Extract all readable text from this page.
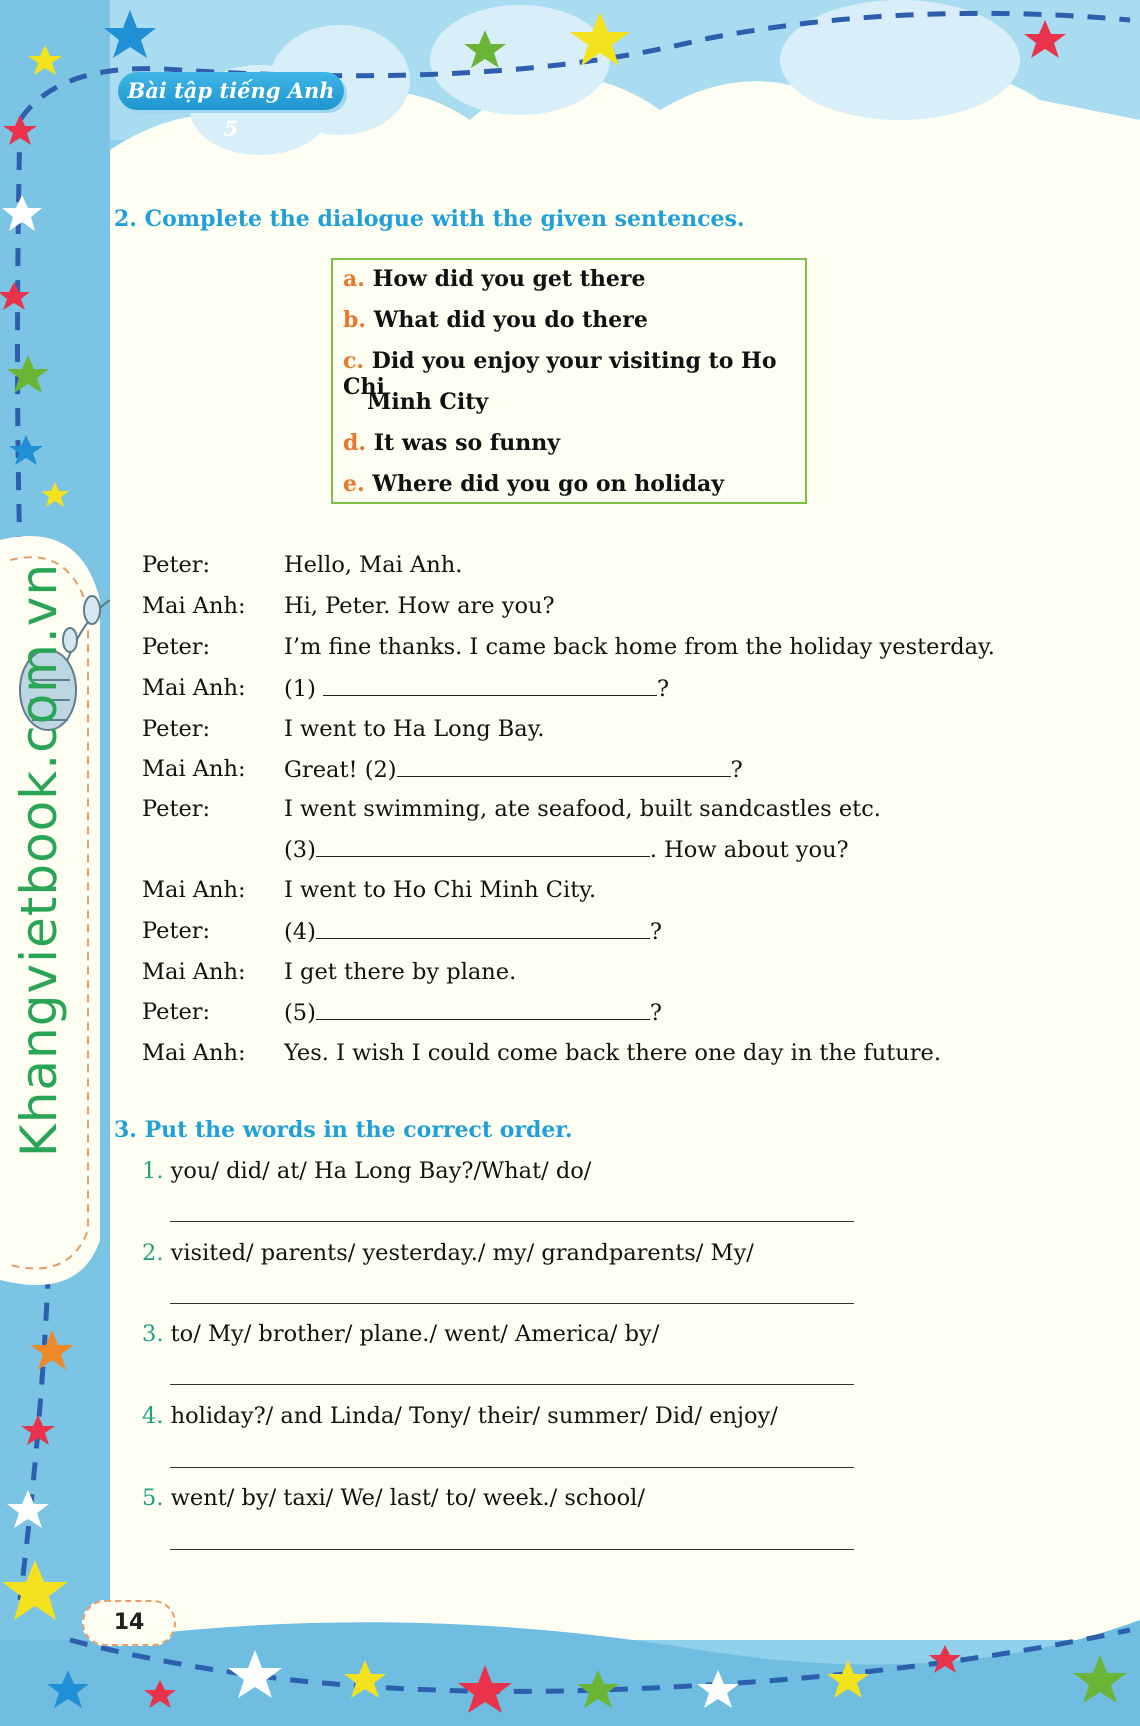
Bài tập tiếng Anh 5
Khangvietbook.com.vn
2. Complete the dialogue with the given sentences.
a. How did you get there
b. What did you do there
c. Did you enjoy your visiting to Ho Chi
Minh City
d. It was so funny
e. Where did you go on holiday
Peter:	Hello, Mai Anh.
Mai Anh: Hi, Peter. How are you?
Peter:	I’m fine thanks. I came back home from the holiday yesterday.
Mai Anh: (1)	?
Peter:	I went to Ha Long Bay.
Mai Anh: Great! (2)	?
Peter:	I went swimming, ate seafood, built sandcastles etc.
(3)	. How about you?
Mai Anh: I went to Ho Chi Minh City.
Peter:	(4)	?
Mai Anh: I get there by plane.
Peter:	(5)	?
Mai Anh: Yes. I wish I could come back there one day in the future.
3. Put the words in the correct order.
1. you/ did/ at/ Ha Long Bay?/What/ do/
2. visited/ parents/ yesterday./ my/ grandparents/ My/
3. to/ My/ brother/ plane./ went/ America/ by/
4. holiday?/ and Linda/ Tony/ their/ summer/ Did/ enjoy/
5. went/ by/ taxi/ We/ last/ to/ week./ school/
14
